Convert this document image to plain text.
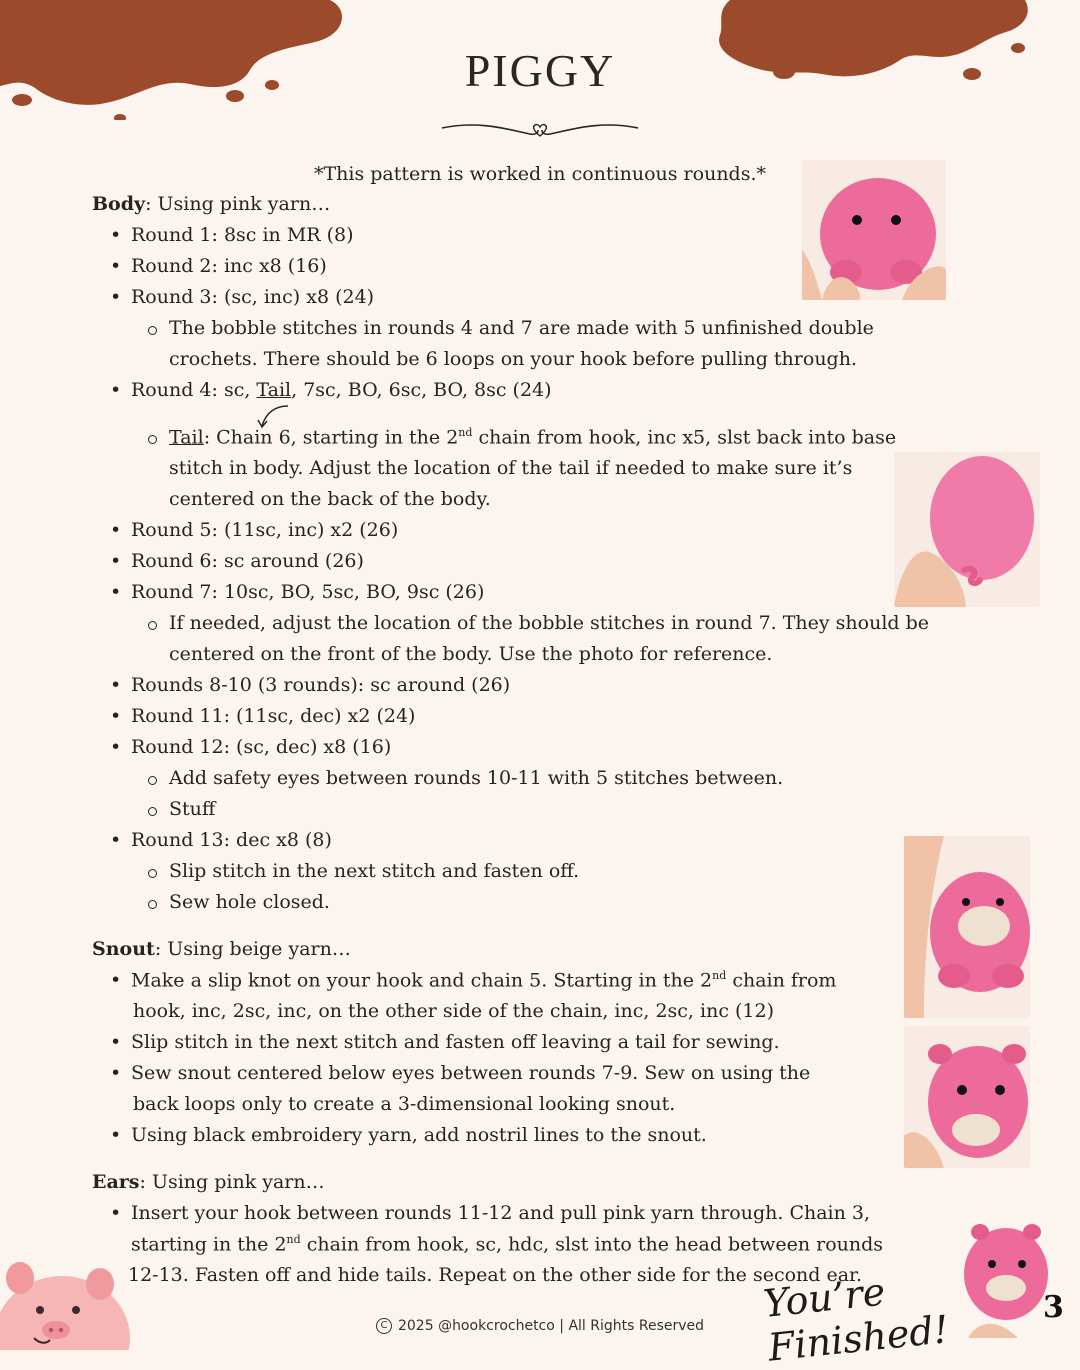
PIGGY
*This pattern is worked in continuous rounds.*
Body: Using pink yarn…
Round 1: 8sc in MR (8)
Round 2: inc x8 (16)
Round 3: (sc, inc) x8 (24)
The bobble stitches in rounds 4 and 7 are made with 5 unfinished double
crochets. There should be 6 loops on your hook before pulling through.
Round 4: sc, Tail, 7sc, BO, 6sc, BO, 8sc (24)
Tail: Chain 6, starting in the 2nd chain from hook, inc x5, slst back into base
stitch in body. Adjust the location of the tail if needed to make sure it’s
centered on the back of the body.
Round 5: (11sc, inc) x2 (26)
Round 6: sc around (26)
Round 7: 10sc, BO, 5sc, BO, 9sc (26)
If needed, adjust the location of the bobble stitches in round 7. They should be
centered on the front of the body. Use the photo for reference.
Rounds 8-10 (3 rounds): sc around (26)
Round 11: (11sc, dec) x2 (24)
Round 12: (sc, dec) x8 (16)
Add safety eyes between rounds 10-11 with 5 stitches between.
Stuff
Round 13: dec x8 (8)
Slip stitch in the next stitch and fasten off.
Sew hole closed.
Snout: Using beige yarn…
Make a slip knot on your hook and chain 5. Starting in the 2nd chain from
hook, inc, 2sc, inc, on the other side of the chain, inc, 2sc, inc (12)
Slip stitch in the next stitch and fasten off leaving a tail for sewing.
Sew snout centered below eyes between rounds 7-9. Sew on using the
back loops only to create a 3-dimensional looking snout.
Using black embroidery yarn, add nostril lines to the snout.
Ears: Using pink yarn…
Insert your hook between rounds 11-12 and pull pink yarn through. Chain 3,
starting in the 2nd chain from hook, sc, hdc, slst into the head between rounds
12-13. Fasten off and hide tails. Repeat on the other side for the second ear.
C 2025 @hookcrochetco | All Rights Reserved	You’re Finished!	3
